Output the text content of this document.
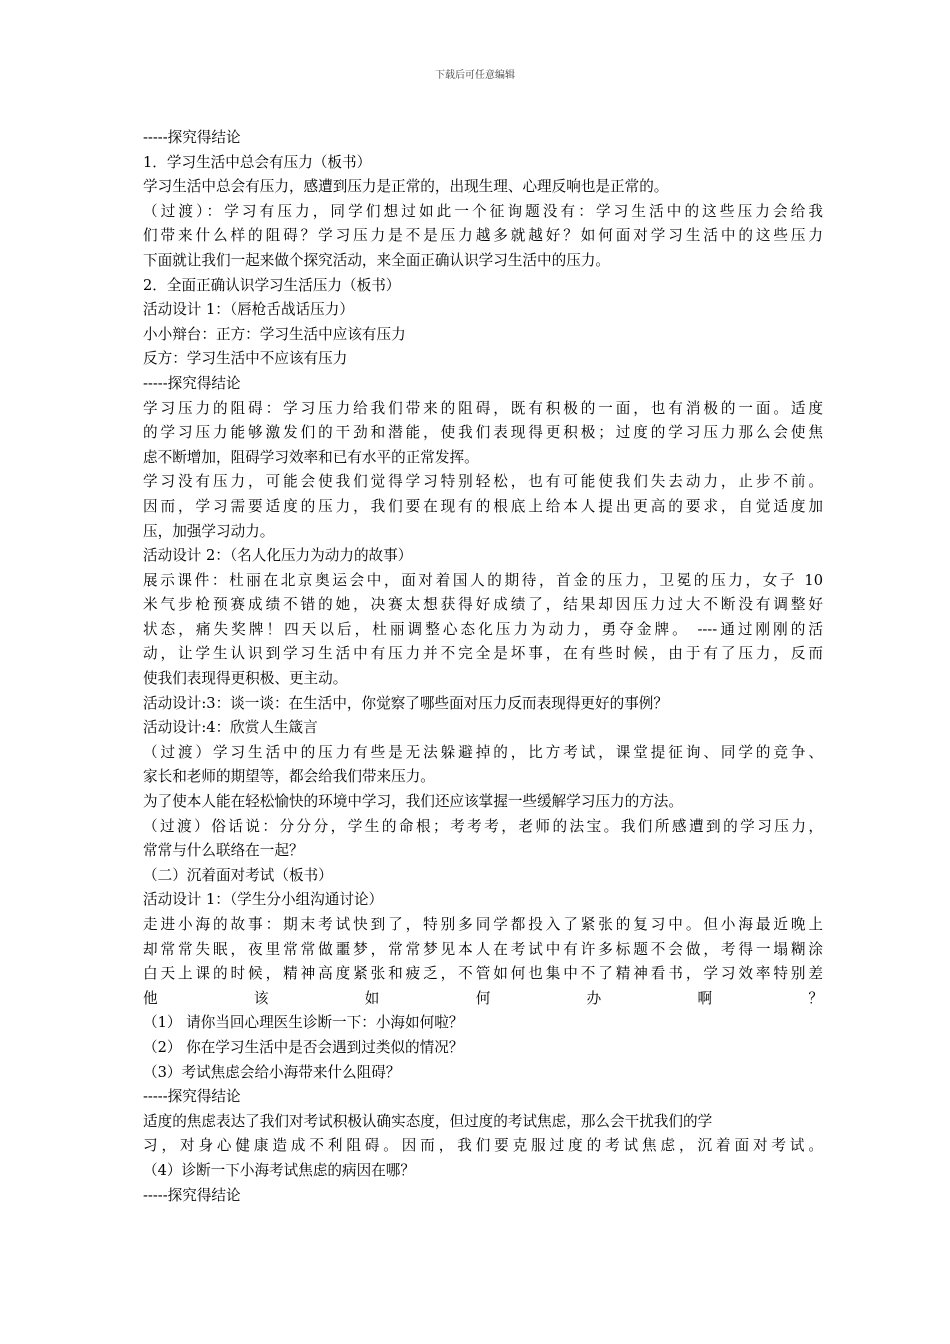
下载后可任意编辑
-----探究得结论
1．学习生活中总会有压力（板书）
学习生活中总会有压力，感遭到压力是正常的，出现生理、心理反响也是正常的。
（过渡）：学习有压力，同学们想过如此一个征询题没有：学习生活中的这些压力会给我
们带来什么样的阻碍？学习压力是不是压力越多就越好？如何面对学习生活中的这些压力
下面就让我们一起来做个探究活动，来全面正确认识学习生活中的压力。
2．全面正确认识学习生活压力（板书）
活动设计 1：（唇枪舌战话压力）
小小辩台：正方：学习生活中应该有压力
反方：学习生活中不应该有压力
-----探究得结论
学习压力的阻碍：学习压力给我们带来的阻碍，既有积极的一面，也有消极的一面。适度
的学习压力能够激发们的干劲和潜能，使我们表现得更积极；过度的学习压力那么会使焦
虑不断增加，阻碍学习效率和已有水平的正常发挥。
学习没有压力，可能会使我们觉得学习特别轻松，也有可能使我们失去动力，止步不前。
因而，学习需要适度的压力，我们要在现有的根底上给本人提出更高的要求，自觉适度加
压，加强学习动力。
活动设计 2：（名人化压力为动力的故事）
展示课件：杜丽在北京奥运会中，面对着国人的期待，首金的压力，卫冕的压力，女子 10
米气步枪预赛成绩不错的她，决赛太想获得好成绩了，结果却因压力过大不断没有调整好
状态，痛失奖牌！四天以后，杜丽调整心态化压力为动力，勇夺金牌。 ----通过刚刚的活
动，让学生认识到学习生活中有压力并不完全是坏事，在有些时候，由于有了压力，反而
使我们表现得更积极、更主动。
活动设计:3：谈一谈：在生活中，你觉察了哪些面对压力反而表现得更好的事例？
活动设计:4：欣赏人生箴言
（过渡）学习生活中的压力有些是无法躲避掉的，比方考试，课堂提征询、同学的竞争、
家长和老师的期望等，都会给我们带来压力。
为了使本人能在轻松愉快的环境中学习，我们还应该掌握一些缓解学习压力的方法。
（过渡）俗话说：分分分，学生的命根；考考考，老师的法宝。我们所感遭到的学习压力，
常常与什么联络在一起？
（二）沉着面对考试（板书）
活动设计 1：（学生分小组沟通讨论）
走进小海的故事：期末考试快到了，特别多同学都投入了紧张的复习中。但小海最近晚上
却常常失眠，夜里常常做噩梦，常常梦见本人在考试中有许多标题不会做，考得一塌糊涂
白天上课的时候，精神高度紧张和疲乏，不管如何也集中不了精神看书，学习效率特别差
他该如何办啊？
（1） 请你当回心理医生诊断一下：小海如何啦？
（2） 你在学习生活中是否会遇到过类似的情况？
（3）考试焦虑会给小海带来什么阻碍？
-----探究得结论
适度的焦虑表达了我们对考试积极认确实态度，但过度的考试焦虑，那么会干扰我们的学
习，对身心健康造成不利阻碍。因而，我们要克服过度的考试焦虑，沉着面对考试。
（4）诊断一下小海考试焦虑的病因在哪？
-----探究得结论
